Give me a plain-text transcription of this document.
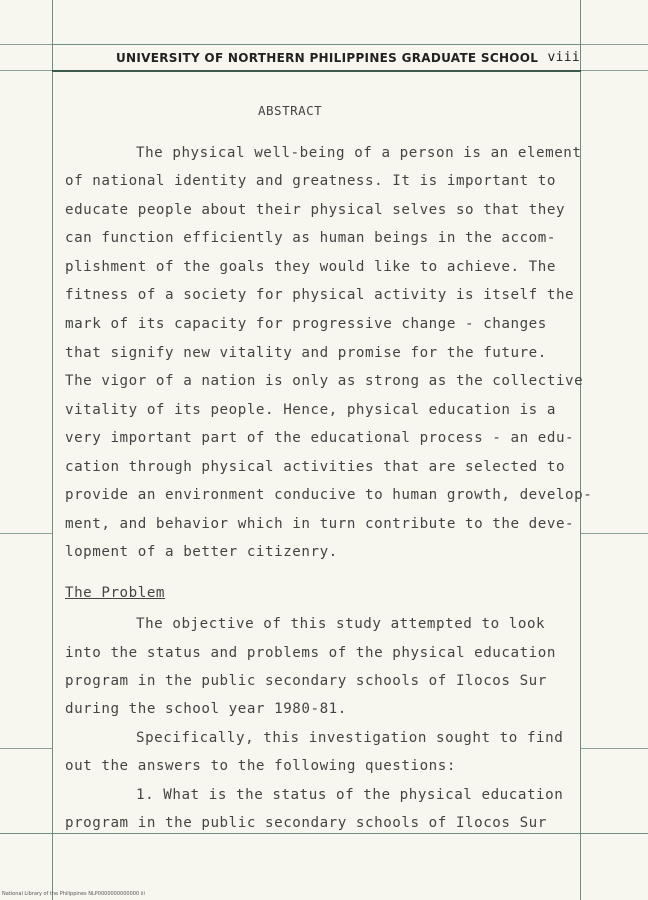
UNIVERSITY OF NORTHERN PHILIPPINES GRADUATE SCHOOL viii
ABSTRACT
The physical well-being of a person is an element
of national identity and greatness. It is important to
educate people about their physical selves so that they
can function efficiently as human beings in the accom-
plishment of the goals they would like to achieve. The
fitness of a society for physical activity is itself the
mark of its capacity for progressive change - changes
that signify new vitality and promise for the future.
The vigor of a nation is only as strong as the collective
vitality of its people. Hence, physical education is a
very important part of the educational process - an edu-
cation through physical activities that are selected to
provide an environment conducive to human growth, develop-
ment, and behavior which in turn contribute to the deve-
lopment of a better citizenry.
The Problem
The objective of this study attempted to look
into the status and problems of the physical education
program in the public secondary schools of Ilocos Sur
during the school year 1980-81.
Specifically, this investigation sought to find
out the answers to the following questions:
1. What is the status of the physical education
program in the public secondary schools of Ilocos Sur
National Library of the Philippines NLP0000000000000 iii
